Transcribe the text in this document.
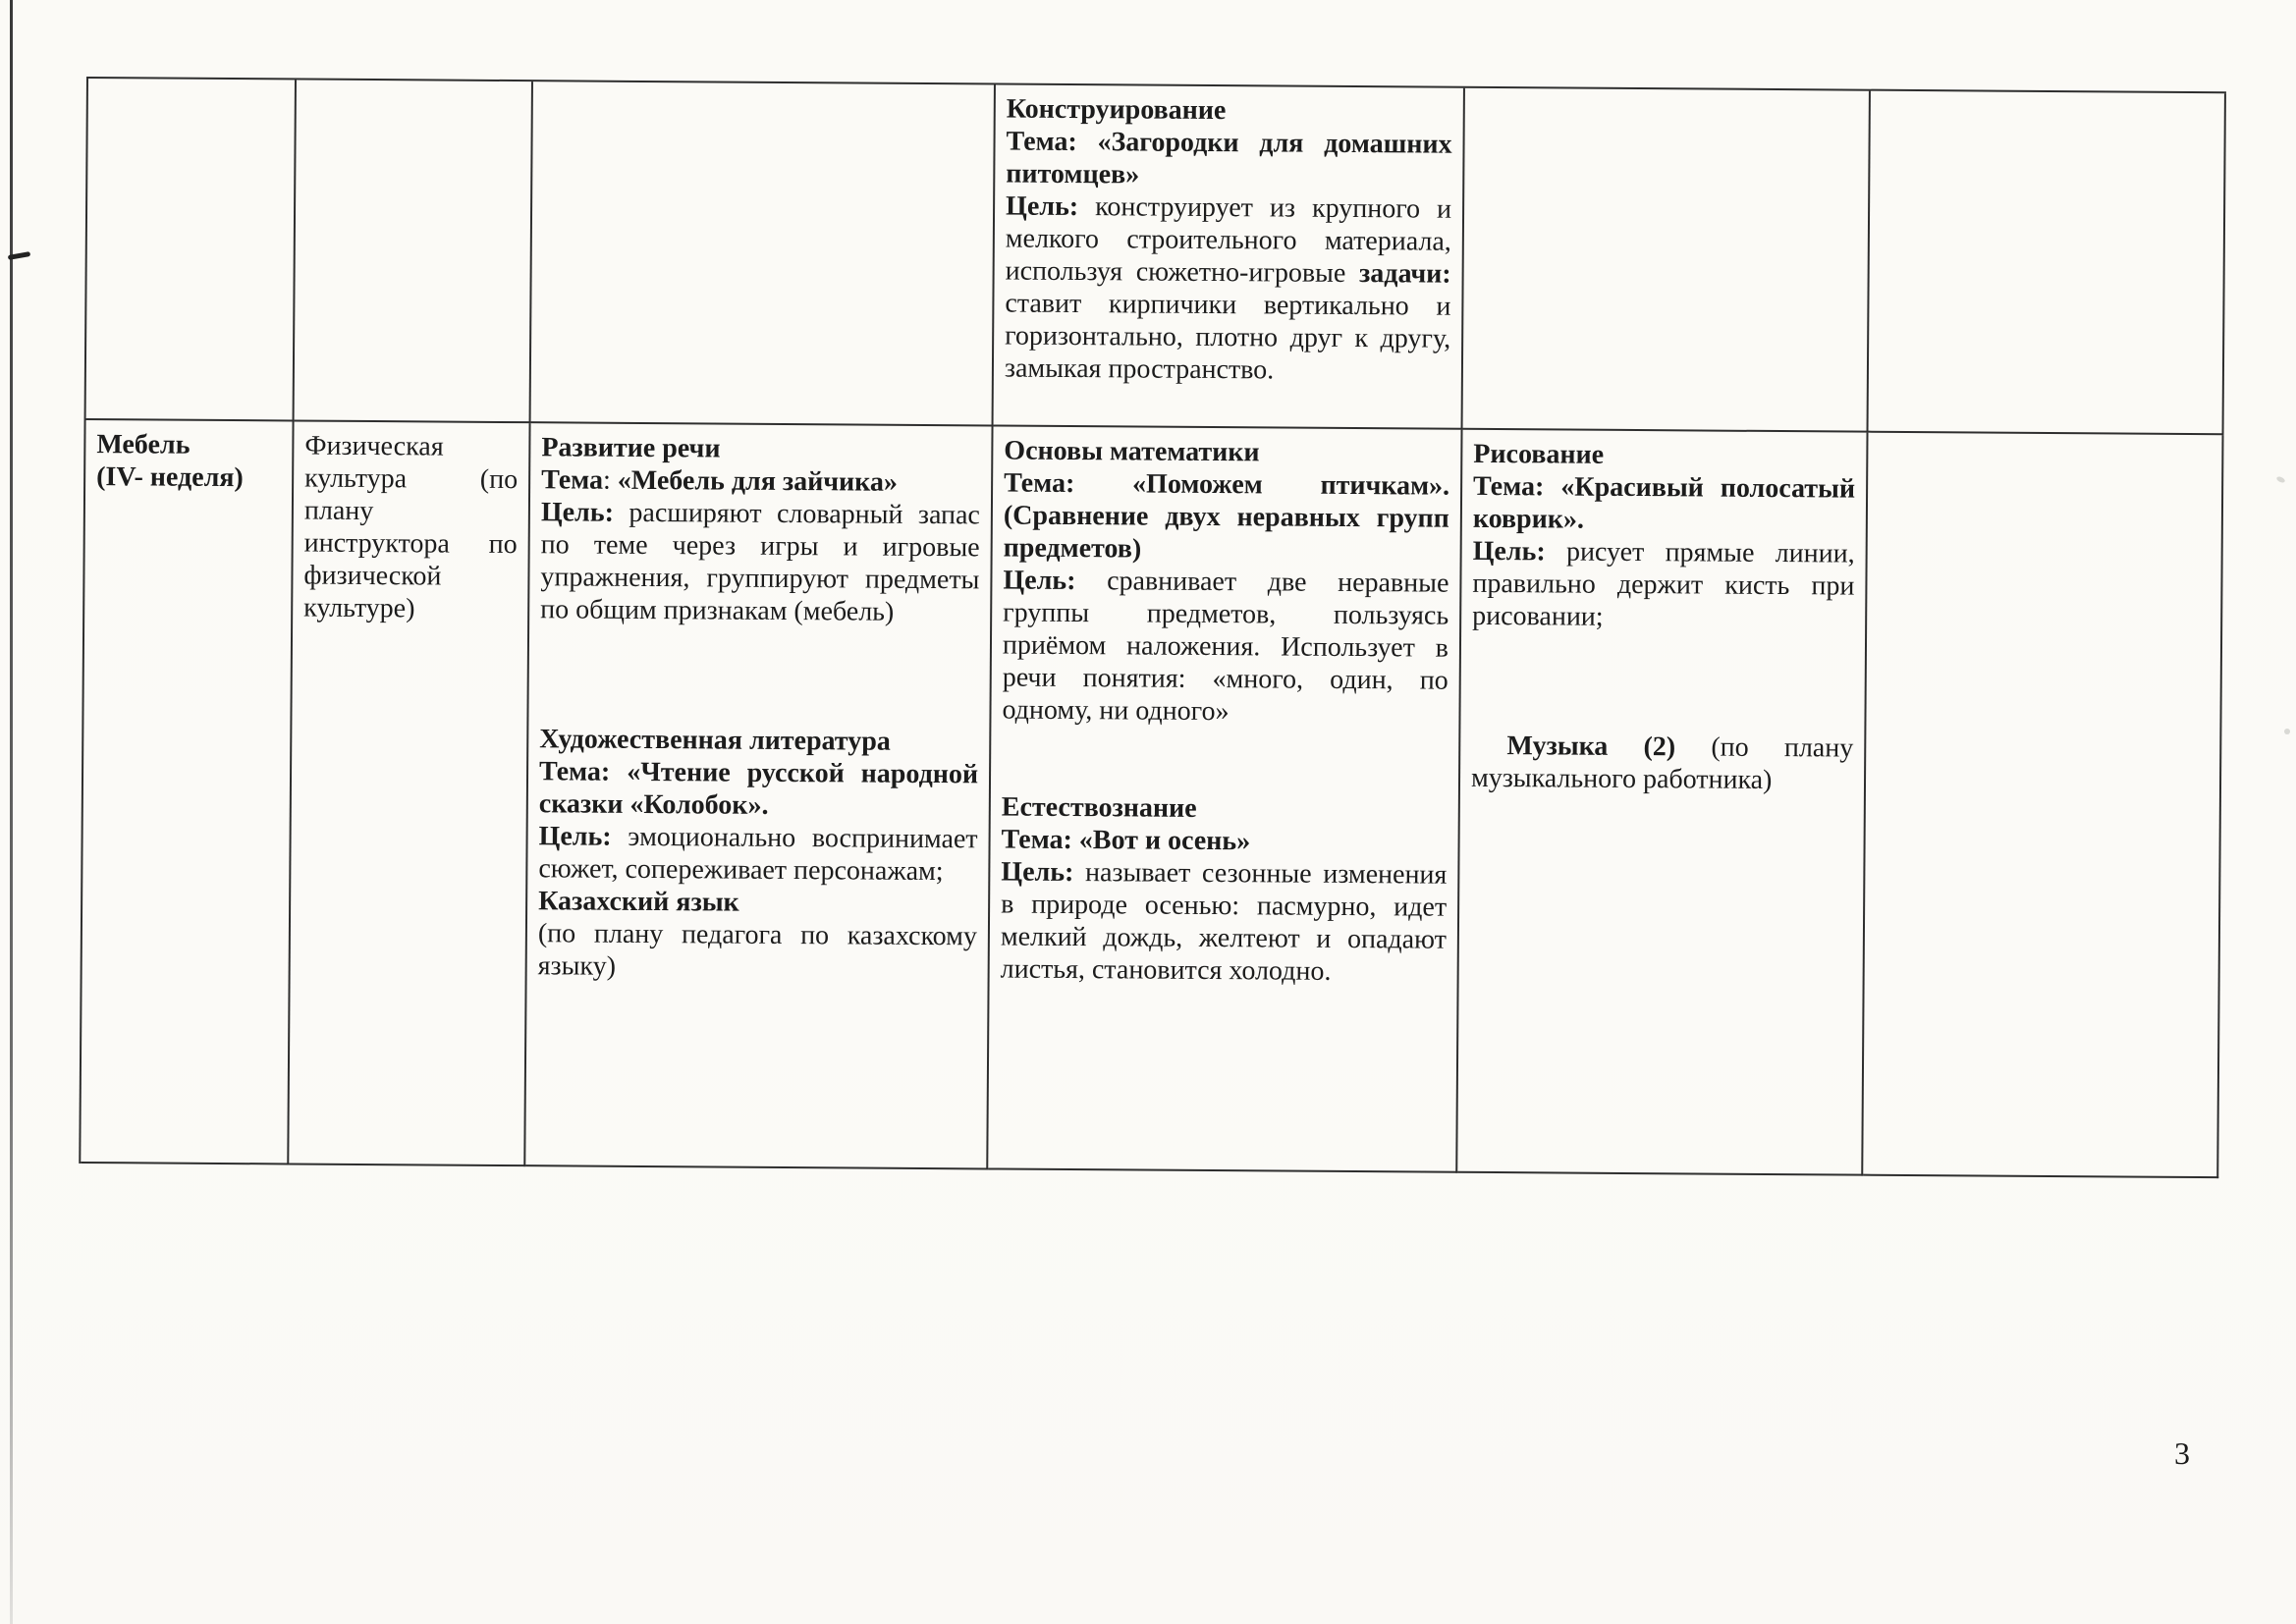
Конструирование
Тема: «Загородки для домашних питомцев»
Цель: конструирует из крупного и мелкого строительного материала, используя сюжетно-игровые задачи: ставит кирпичики вертикально и горизонтально, плотно друг к другу, замыкая пространство.
Мебель
(IV- неделя)
Физическая культура (по плану инструктора по физической культуре)
Развитие речи
Тема: «Мебель для зайчика»
Цель: расширяют словарный запас по теме через игры и игровые упражнения, группируют предметы по общим признакам (мебель)
Художественная литература
Тема: «Чтение русской народной сказки «Колобок».
Цель: эмоционально воспринимает сюжет, сопереживает персонажам;
Казахский язык
(по плану педагога по казахскому языку)
Основы математики
Тема: «Поможем птичкам». (Сравнение двух неравных групп предметов)
Цель: сравнивает две неравные группы предметов, пользуясь приёмом наложения. Использует в речи понятия: «много, один, по одному, ни одного»
Естествознание
Тема: «Вот и осень»
Цель: называет сезонные изменения в природе осенью: пасмурно, идет мелкий дождь, желтеют и опадают листья, становится холодно.
Рисование
Тема: «Красивый полосатый коврик».
Цель: рисует прямые линии, правильно держит кисть при рисовании;
Музыка (2) (по плану музыкального работника)
3
